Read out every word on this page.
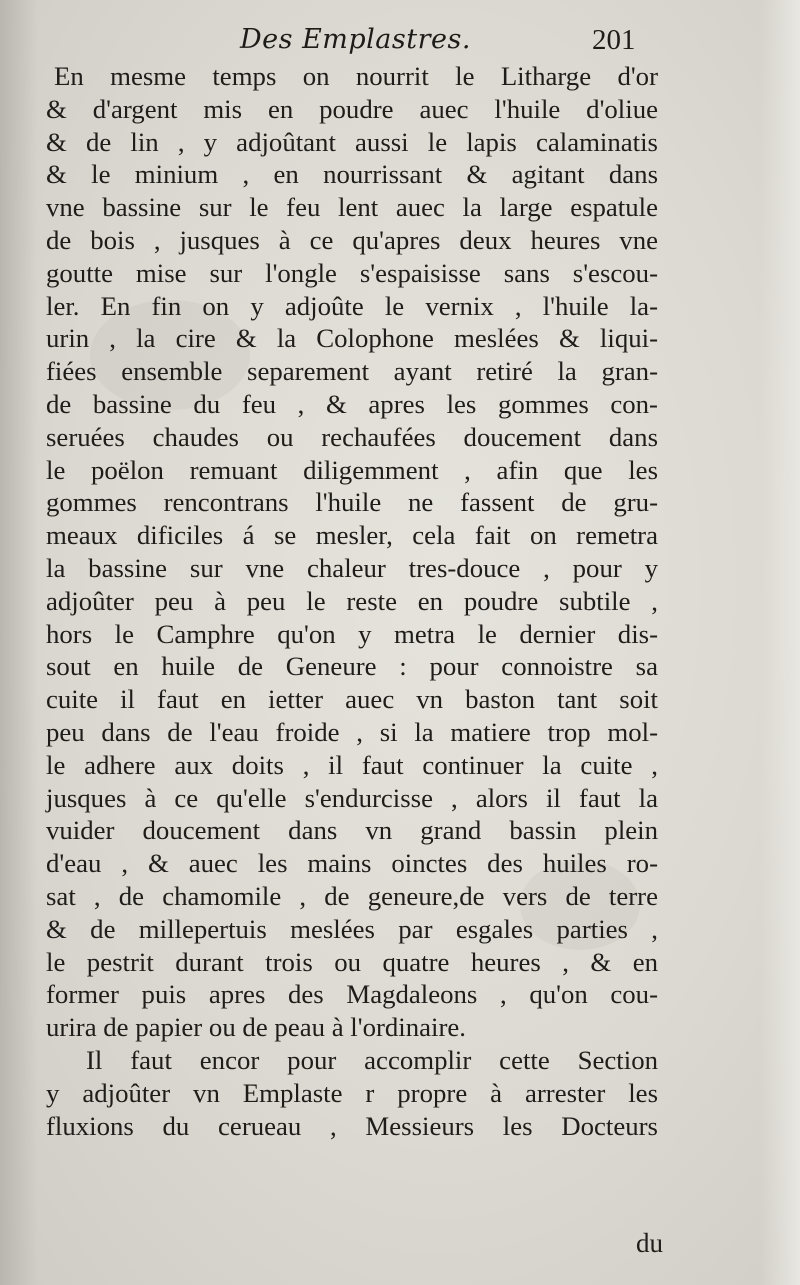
Des Emplastres.	201
En mesme temps on nourrit le Litharge d'or
& d'argent mis en poudre auec l'huile d'oliue
& de lin , y adjoûtant aussi le lapis calaminatis
& le minium , en nourrissant & agitant dans
vne bassine sur le feu lent auec la large espatule
de bois , jusques à ce qu'apres deux heures vne
goutte mise sur l'ongle s'espaisisse sans s'escou-
ler. En fin on y adjoûte le vernix , l'huile la-
urin , la cire & la Colophone meslées & liqui-
fiées ensemble separement ayant retiré la gran-
de bassine du feu , & apres les gommes con-
seruées chaudes ou rechaufées doucement dans
le poëlon remuant diligemment , afin que les
gommes rencontrans l'huile ne fassent de gru-
meaux dificiles á se mesler, cela fait on remetra
la bassine sur vne chaleur tres-douce , pour y
adjoûter peu à peu le reste en poudre subtile ,
hors le Camphre qu'on y metra le dernier dis-
sout en huile de Geneure : pour connoistre sa
cuite il faut en ietter auec vn baston tant soit
peu dans de l'eau froide , si la matiere trop mol-
le adhere aux doits , il faut continuer la cuite ,
jusques à ce qu'elle s'endurcisse , alors il faut la
vuider doucement dans vn grand bassin plein
d'eau , & auec les mains oinctes des huiles ro-
sat , de chamomile , de geneure,de vers de terre
& de millepertuis meslées par esgales parties ,
le pestrit durant trois ou quatre heures , & en
former puis apres des Magdaleons , qu'on cou-
urira de papier ou de peau à l'ordinaire.
Il faut encor pour accomplir cette Section
y adjoûter vn Emplaste r propre à arrester les
fluxions du cerueau , Messieurs les Docteurs
du
